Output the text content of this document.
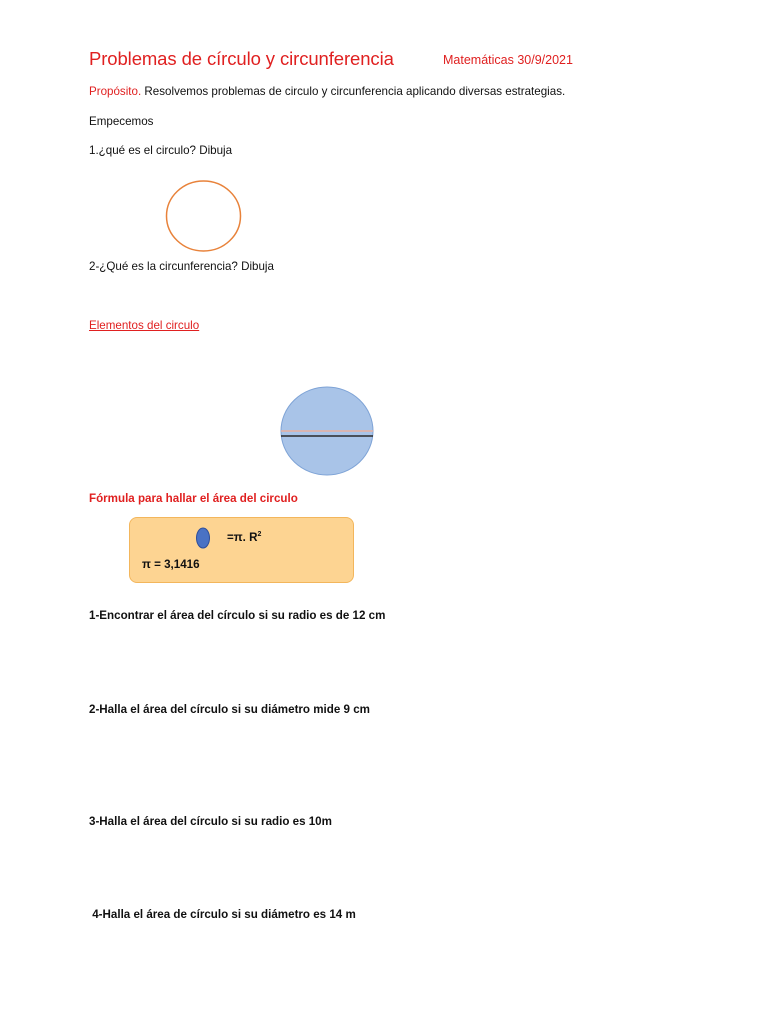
Problemas de círculo y circunferencia	Matemáticas 30/9/2021
Propósito. Resolvemos problemas de circulo y circunferencia aplicando diversas estrategias.
Empecemos
1.¿qué es el circulo? Dibuja
2-¿Qué es la circunferencia? Dibuja
Elementos del circulo
Fórmula para hallar el área del circulo
=π. $R^2$
π = 3,1416
1-Encontrar el área del círculo si su radio es de 12 cm
2-Halla el área del círculo si su diámetro mide 9 cm
3-Halla el área del círculo si su radio es 10m
4-Halla el área de círculo si su diámetro es 14 m
